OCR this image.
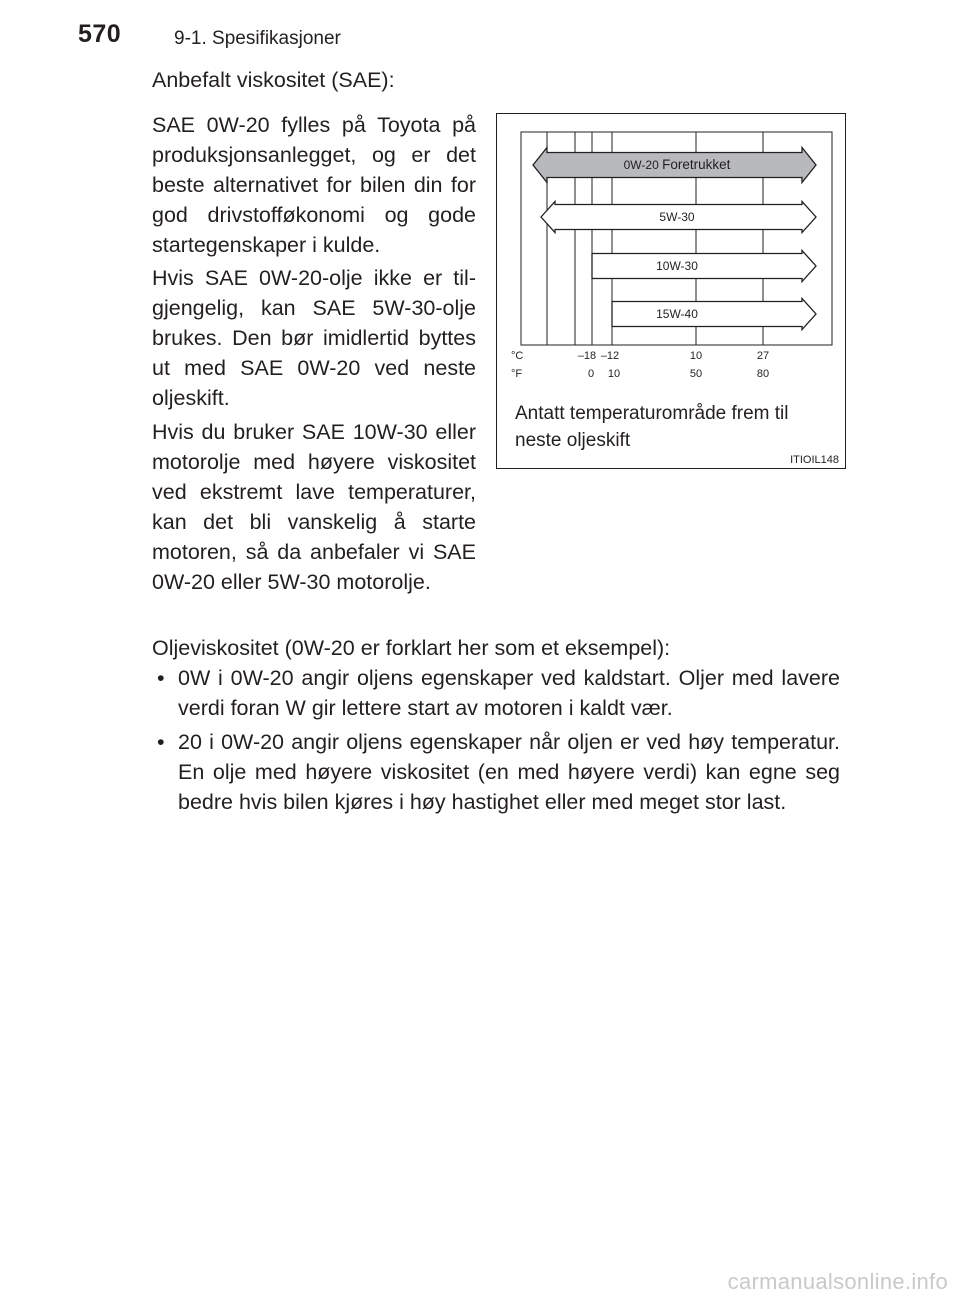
570	9-1. Spesifikasjoner

Anbefalt viskositet (SAE):

SAE 0W-20 fylles på Toyota på produksjonsanlegget, og er det beste alternativet for bilen din for god drivstofføkonomi og gode startegenskaper i kulde.

Hvis SAE 0W-20-olje ikke er tilgjengelig, kan SAE 5W-30-olje brukes. Den bør imidlertid byttes ut med SAE 0W-20 ved neste oljeskift.

Hvis du bruker SAE 10W-30 eller motorolje med høyere viskositet ved ekstremt lave temperaturer, kan det bli vanskelig å starte motoren, så da anbefaler vi SAE 0W-20 eller 5W-30 motorolje.

0W-20 Foretrukket
5W-30
10W-30
15W-40
°C
°F
–18 –12	10	27
0 10	50	80
Antatt temperaturområde frem til neste oljeskift
ITIOIL148

Oljeviskositet (0W-20 er forklart her som et eksempel):

• 0W i 0W-20 angir oljens egenskaper ved kaldstart. Oljer med lavere verdi foran W gir lettere start av motoren i kaldt vær.

• 20 i 0W-20 angir oljens egenskaper når oljen er ved høy temperatur. En olje med høyere viskositet (en med høyere verdi) kan egne seg bedre hvis bilen kjøres i høy hastighet eller med meget stor last.

carmanualsonline.info
